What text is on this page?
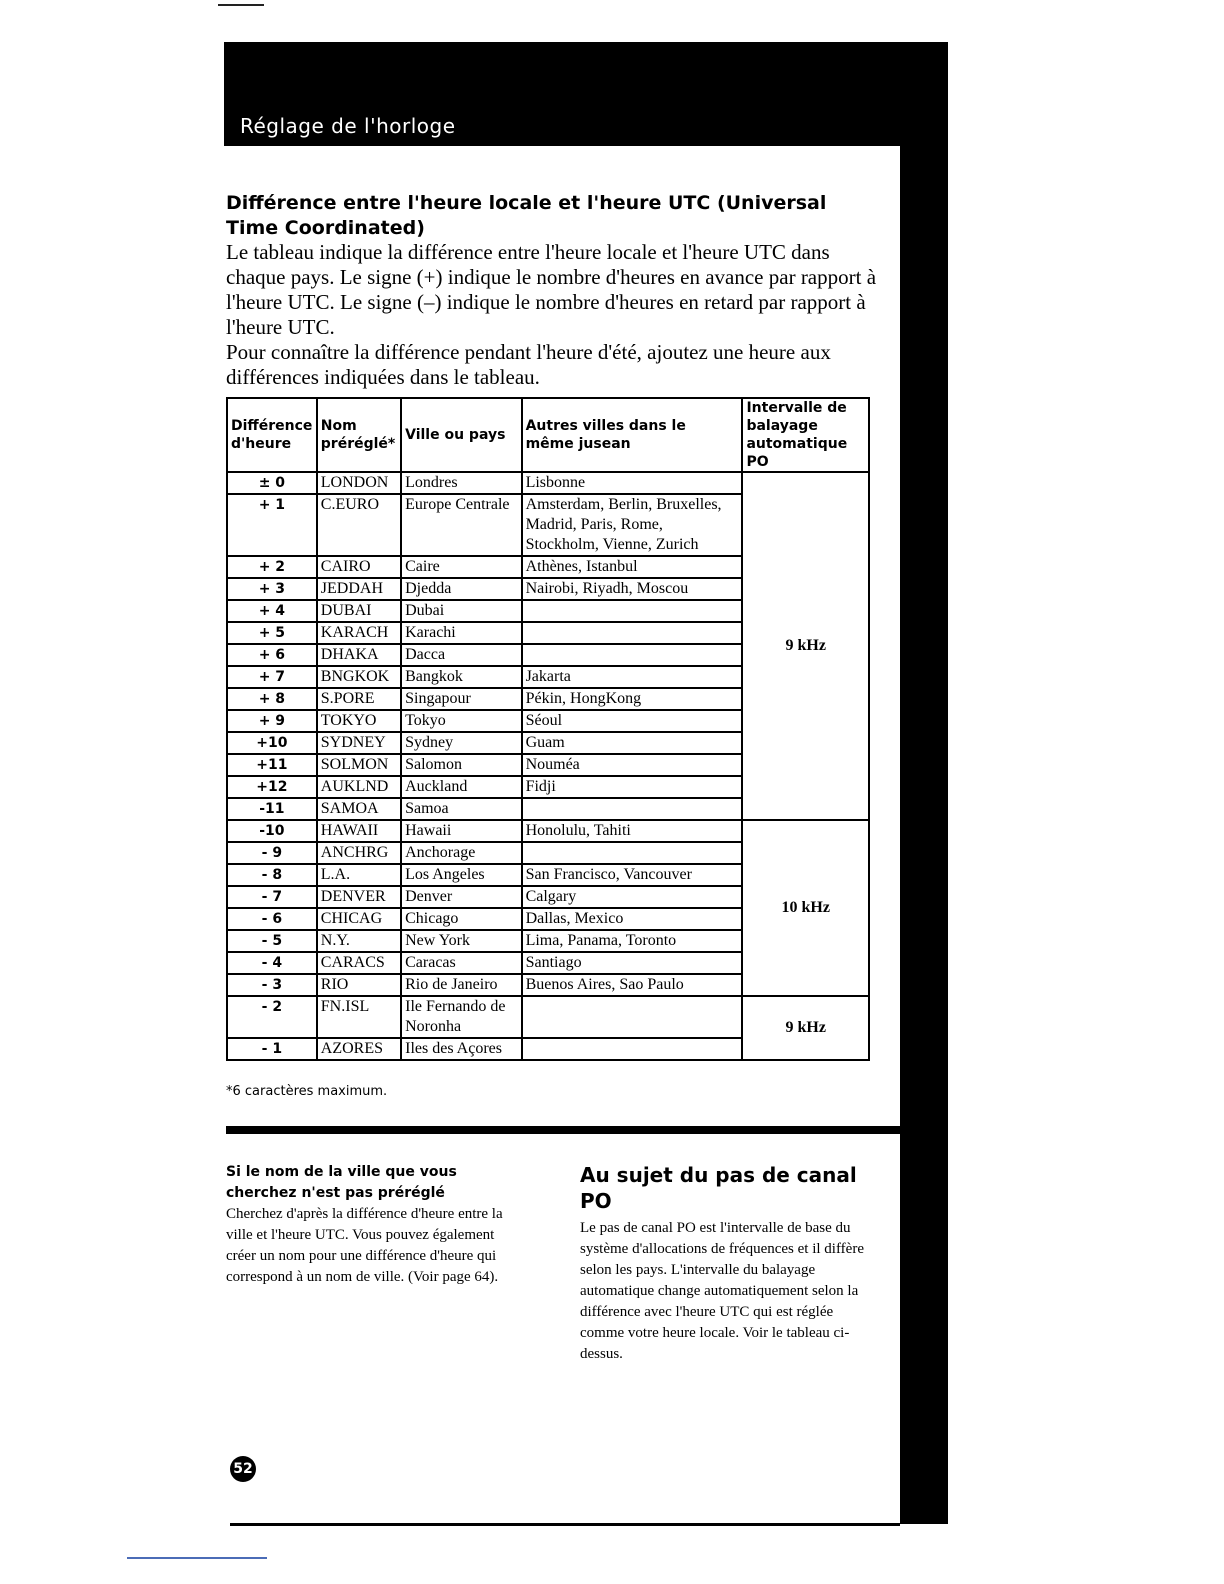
Réglage de l'horloge
Différence entre l'heure locale et l'heure UTC (Universal Time Coordinated)

Le tableau indique la différence entre l'heure locale et l'heure UTC dans chaque pays. Le signe (+) indique le nombre d'heures en avance par rapport à l'heure UTC. Le signe (–) indique le nombre d'heures en retard par rapport à l'heure UTC.

Pour connaître la différence pendant l'heure d'été, ajoutez une heure aux différences indiquées dans le tableau.

Différence d'heure	Nom préréglé*	Ville ou pays	Autres villes dans le même jusean	Intervalle de balayage automatique PO
± 0	LONDON	Londres	Lisbonne	9 kHz
+ 1	C.EURO	Europe Centrale	Amsterdam, Berlin, Bruxelles, Madrid, Paris, Rome, Stockholm, Vienne, Zurich	
+ 2	CAIRO	Caire	Athènes, Istanbul	
+ 3	JEDDAH	Djedda	Nairobi, Riyadh, Moscou	
+ 4	DUBAI	Dubai		
+ 5	KARACH	Karachi		
+ 6	DHAKA	Dacca		
+ 7	BNGKOK	Bangkok	Jakarta	
+ 8	S.PORE	Singapour	Pékin, HongKong	
+ 9	TOKYO	Tokyo	Séoul	
+10	SYDNEY	Sydney	Guam	
+11	SOLMON	Salomon	Nouméa	
+12	AUKLND	Auckland	Fidji	
-11	SAMOA	Samoa		
-10	HAWAII	Hawaii	Honolulu, Tahiti	10 kHz
- 9	ANCHRG	Anchorage		
- 8	L.A.	Los Angeles	San Francisco, Vancouver	
- 7	DENVER	Denver	Calgary	
- 6	CHICAG	Chicago	Dallas, Mexico	
- 5	N.Y.	New York	Lima, Panama, Toronto	
- 4	CARACS	Caracas	Santiago	
- 3	RIO	Rio de Janeiro	Buenos Aires, Sao Paulo	
- 2	FN.ISL	Ile Fernando de Noronha		9 kHz
- 1	AZORES	Iles des Açores		
*6 caractères maximum.
Si le nom de la ville que vous cherchez n'est pas préréglé
Cherchez d'après la différence d'heure entre la ville et l'heure UTC. Vous pouvez également créer un nom pour une différence d'heure qui correspond à un nom de ville. (Voir page 64).
Au sujet du pas de canal PO
Le pas de canal PO est l'intervalle de base du système d'allocations de fréquences et il diffère selon les pays. L'intervalle du balayage automatique change automatiquement selon la différence avec l'heure UTC qui est réglée comme votre heure locale. Voir le tableau ci-dessus.
52
